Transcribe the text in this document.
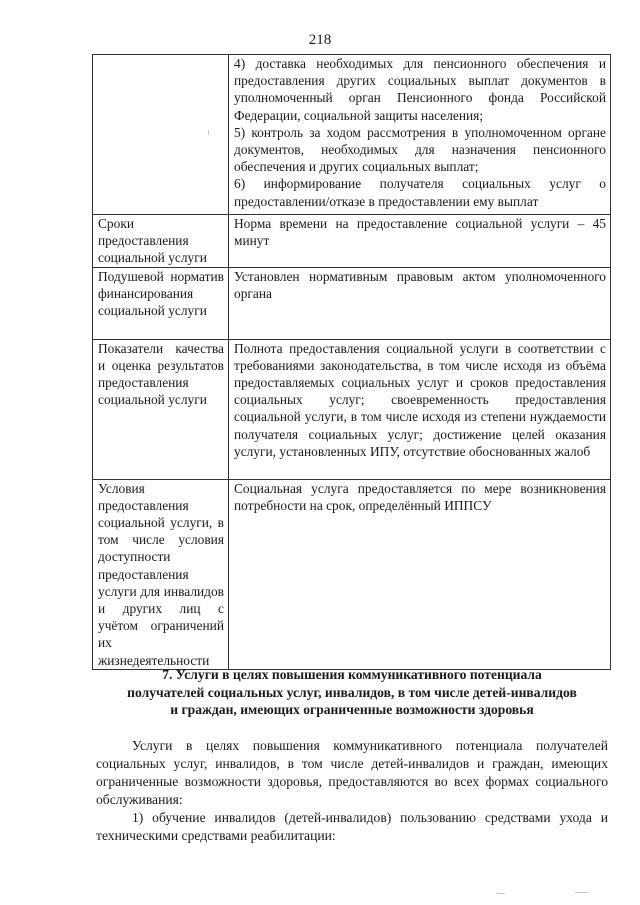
218

	4) доставка необходимых для пенсионного обеспечения и предоставления других социальных выплат документов в уполномоченный орган Пенсионного фонда Российской Федерации, социальной защиты населения;
5) контроль за ходом рассмотрения в уполномоченном органе документов, необходимых для назначения пенсионного обеспечения и других социальных выплат;
6) информирование получателя социальных услуг о предоставлении/отказе в предоставлении ему выплат

Сроки предоставления социальной услуги	Норма времени на предоставление социальной услуги – 45 минут

Подушевой норматив финансирования социальной услуги	Установлен нормативным правовым актом уполномоченного органа

Показатели качества и оценка результатов предоставления социальной услуги	Полнота предоставления социальной услуги в соответствии с требованиями законодательства, в том числе исходя из объёма предоставляемых социальных услуг и сроков предоставления социальных услуг; своевременность предоставления социальной услуги, в том числе исходя из степени нуждаемости получателя социальных услуг; достижение целей оказания услуги, установленных ИПУ, отсутствие обоснованных жалоб

Условия предоставления социальной услуги, в том числе условия доступности предоставления услуги для инвалидов и других лиц с учётом ограничений их жизнедеятельности	Социальная услуга предоставляется по мере возникновения потребности на срок, определённый ИППСУ
7. Услуги в целях повышения коммуникативного потенциала
получателей социальных услуг, инвалидов, в том числе детей-инвалидов
и граждан, имеющих ограниченные возможности здоровья

Услуги в целях повышения коммуникативного потенциала получателей социальных услуг, инвалидов, в том числе детей-инвалидов и граждан, имеющих ограниченные возможности здоровья, предоставляются во всех формах социального обслуживания:

1) обучение инвалидов (детей-инвалидов) пользованию средствами ухода и техническими средствами реабилитации:
